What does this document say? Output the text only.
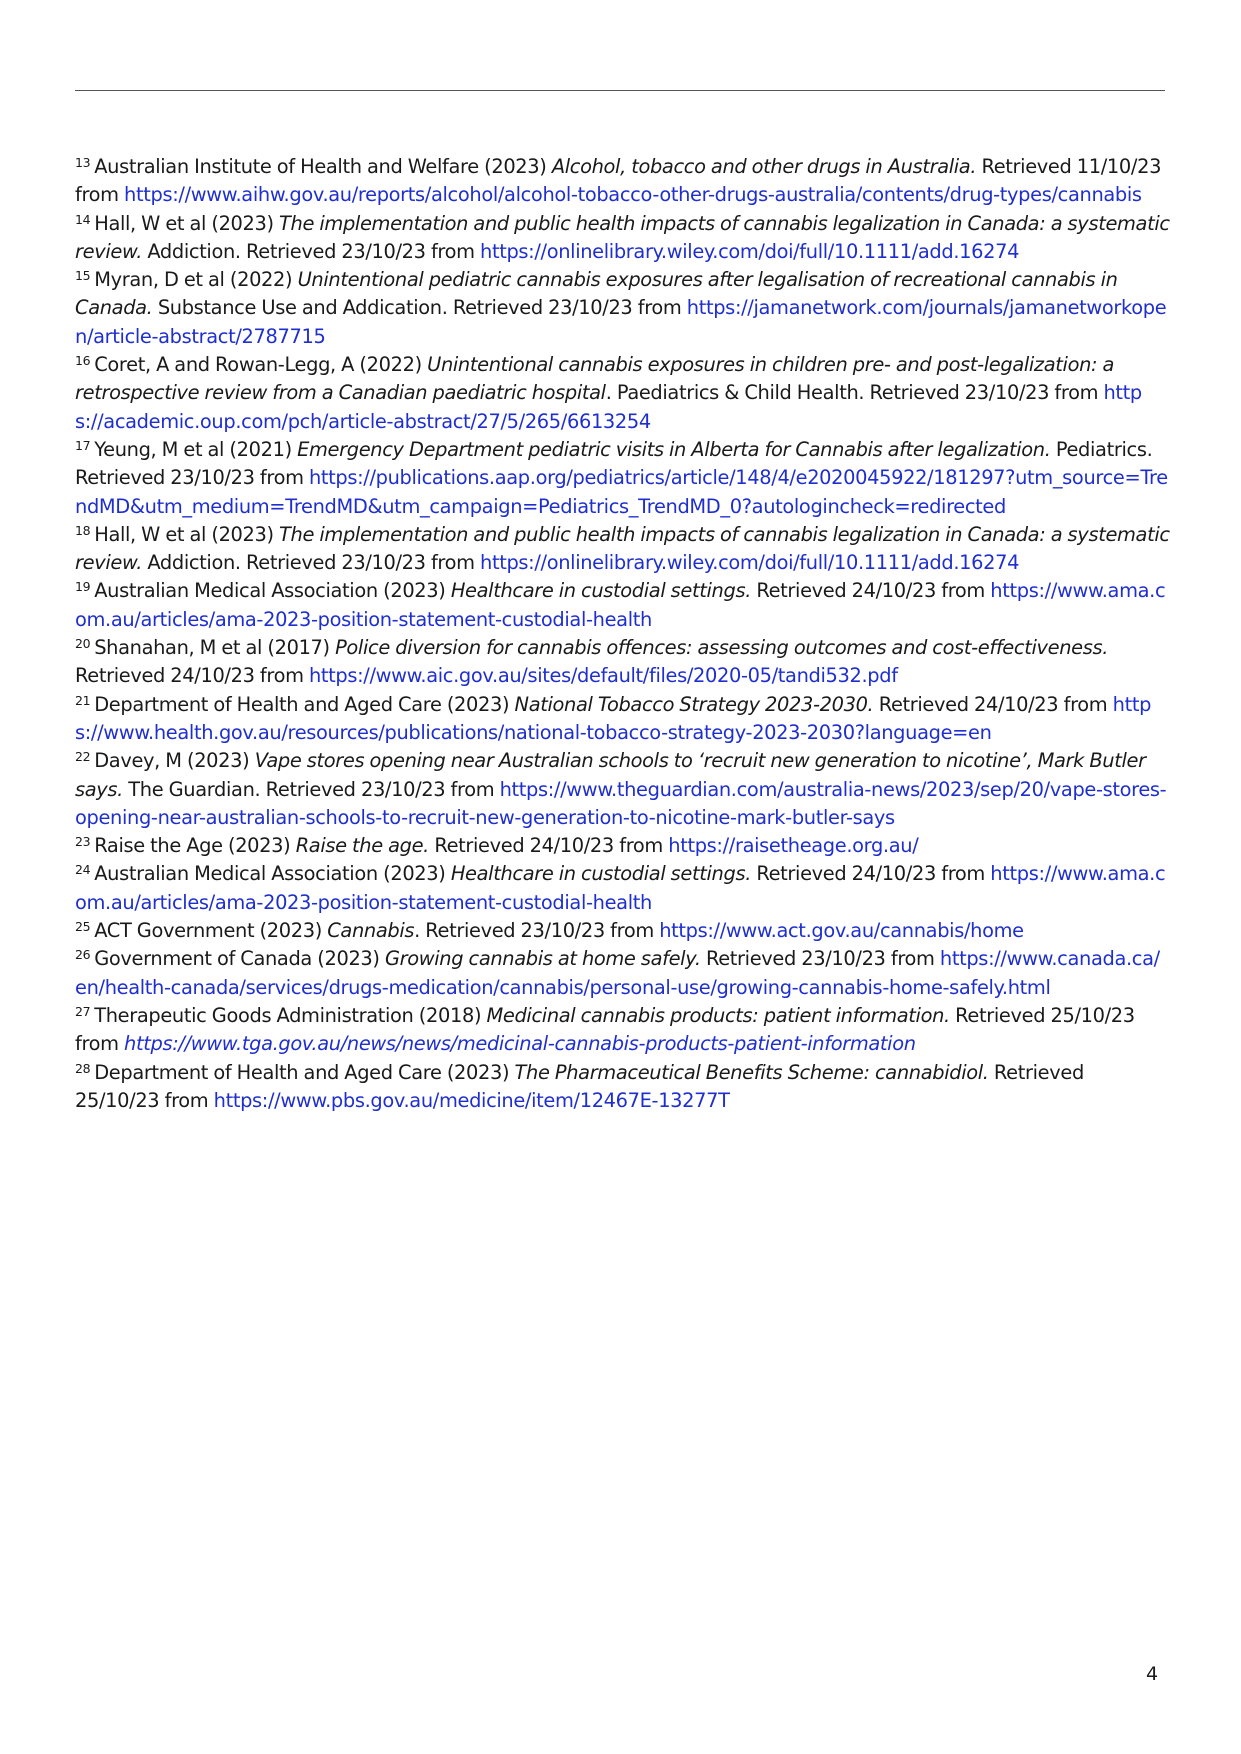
$^{13}$ Australian Institute of Health and Welfare (2023) Alcohol, tobacco and other drugs in Australia. Retrieved 11/10/23 from https://www.aihw.gov.au/reports/alcohol/alcohol-tobacco-other-drugs-australia/contents/drug-types/cannabis

$^{14}$ Hall, W et al (2023) The implementation and public health impacts of cannabis legalization in Canada: a systematic review. Addiction. Retrieved 23/10/23 from https://onlinelibrary.wiley.com/doi/full/10.1111/add.16274

$^{15}$ Myran, D et al (2022) Unintentional pediatric cannabis exposures after legalisation of recreational cannabis in Canada. Substance Use and Addication. Retrieved 23/10/23 from https://jamanetwork.com/journals/jamanetworkopen/article-abstract/2787715

$^{16}$ Coret, A and Rowan-Legg, A (2022) Unintentional cannabis exposures in children pre- and post-legalization: a retrospective review from a Canadian paediatric hospital. Paediatrics & Child Health. Retrieved 23/10/23 from https://academic.oup.com/pch/article-abstract/27/5/265/6613254

$^{17}$ Yeung, M et al (2021) Emergency Department pediatric visits in Alberta for Cannabis after legalization. Pediatrics. Retrieved 23/10/23 from https://publications.aap.org/pediatrics/article/148/4/e2020045922/181297?utm_source=TrendMD&utm_medium=TrendMD&utm_campaign=Pediatrics_TrendMD_0?autologincheck=redirected

$^{18}$ Hall, W et al (2023) The implementation and public health impacts of cannabis legalization in Canada: a systematic review. Addiction. Retrieved 23/10/23 from https://onlinelibrary.wiley.com/doi/full/10.1111/add.16274

$^{19}$ Australian Medical Association (2023) Healthcare in custodial settings. Retrieved 24/10/23 from https://www.ama.com.au/articles/ama-2023-position-statement-custodial-health

$^{20}$ Shanahan, M et al (2017) Police diversion for cannabis offences: assessing outcomes and cost-effectiveness. Retrieved 24/10/23 from https://www.aic.gov.au/sites/default/files/2020-05/tandi532.pdf

$^{21}$ Department of Health and Aged Care (2023) National Tobacco Strategy 2023-2030. Retrieved 24/10/23 from https://www.health.gov.au/resources/publications/national-tobacco-strategy-2023-2030?language=en

$^{22}$ Davey, M (2023) Vape stores opening near Australian schools to ‘recruit new generation to nicotine’, Mark Butler says. The Guardian. Retrieved 23/10/23 from https://www.theguardian.com/australia-news/2023/sep/20/vape-stores-opening-near-australian-schools-to-recruit-new-generation-to-nicotine-mark-butler-says

$^{23}$ Raise the Age (2023) Raise the age. Retrieved 24/10/23 from https://raisetheage.org.au/

$^{24}$ Australian Medical Association (2023) Healthcare in custodial settings. Retrieved 24/10/23 from https://www.ama.com.au/articles/ama-2023-position-statement-custodial-health

$^{25}$ ACT Government (2023) Cannabis. Retrieved 23/10/23 from https://www.act.gov.au/cannabis/home

$^{26}$ Government of Canada (2023) Growing cannabis at home safely. Retrieved 23/10/23 from https://www.canada.ca/en/health-canada/services/drugs-medication/cannabis/personal-use/growing-cannabis-home-safely.html

$^{27}$ Therapeutic Goods Administration (2018) Medicinal cannabis products: patient information. Retrieved 25/10/23 from https://www.tga.gov.au/news/news/medicinal-cannabis-products-patient-information

$^{28}$ Department of Health and Aged Care (2023) The Pharmaceutical Benefits Scheme: cannabidiol. Retrieved 25/10/23 from https://www.pbs.gov.au/medicine/item/12467E-13277T

4
